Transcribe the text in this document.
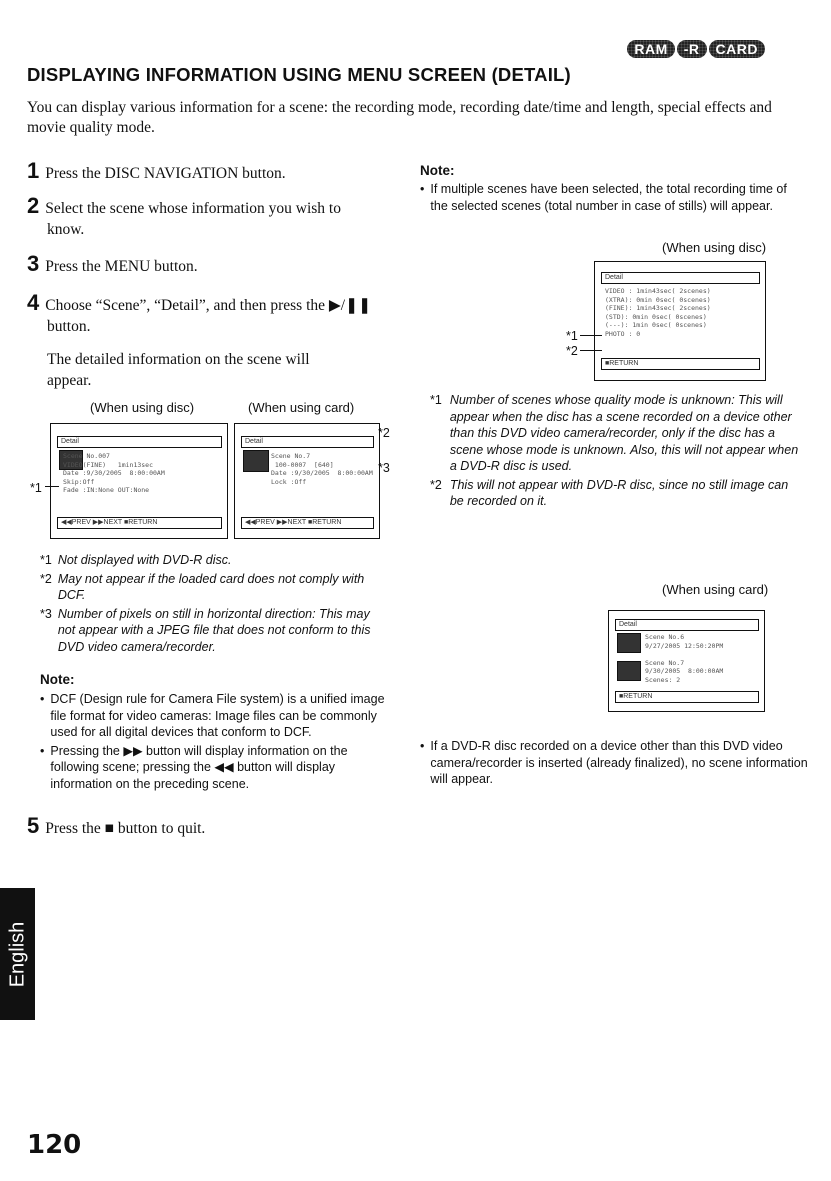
RAM	-R	CARD
DISPLAYING INFORMATION USING MENU SCREEN (DETAIL)
You can display various information for a scene: the recording mode, recording date/time and length, special effects and movie quality mode.
1 Press the DISC NAVIGATION button.
2 Select the scene whose information you wish to know.
3 Press the MENU button.
4 Choose “Scene”, “Detail”, and then press the ▶/❚❚ button.
The detailed information on the scene will appear.
(When using disc)	(When using card)
Detail
Scene No.007
VIDEO(FINE)   1min13sec
Date :9/30/2005  8:00:00AM
Skip:Off
Fade :IN:None OUT:None
◀◀PREV ▶▶NEXT ■RETURN
*1
Detail
Scene No.7
100-0007  [640]
Date :9/30/2005  8:00:00AM
Lock :Off
◀◀PREV ▶▶NEXT ■RETURN
*2
*3
*1 Not displayed with DVD-R disc.
*2 May not appear if the loaded card does not comply with DCF.
*3 Number of pixels on still in horizontal direction: This may not appear with a JPEG file that does not conform to this DVD video camera/recorder.
Note:
• DCF (Design rule for Camera File system) is a unified image file format for video cameras: Image files can be commonly used for all digital devices that conform to DCF.
• Pressing the ▶▶ button will display information on the following scene; pressing the ◀◀ button will display information on the preceding scene.
5 Press the ■ button to quit.
Note:
• If multiple scenes have been selected, the total recording time of the selected scenes (total number in case of stills) will appear.
(When using disc)
Detail
VIDEO : 1min43sec( 2scenes)
(XTRA): 0min 0sec( 0scenes)
(FINE): 1min43sec( 2scenes)
(STD): 0min 0sec( 0scenes)
(---): 1min 0sec( 0scenes)
PHOTO : 0
■RETURN
*1
*2
*1 Number of scenes whose quality mode is unknown: This will appear when the disc has a scene recorded on a device other than this DVD video camera/recorder, only if the disc has a scene whose mode is unknown. Also, this will not appear when a DVD-R disc is used.
*2 This will not appear with DVD-R disc, since no still image can be recorded on it.
(When using card)
Detail
Scene No.6
9/27/2005 12:50:20PM

Scene No.7
9/30/2005  8:00:00AM
Scenes: 2
■RETURN
• If a DVD-R disc recorded on a device other than this DVD video camera/recorder is inserted (already finalized), no scene information will appear.
English
120
